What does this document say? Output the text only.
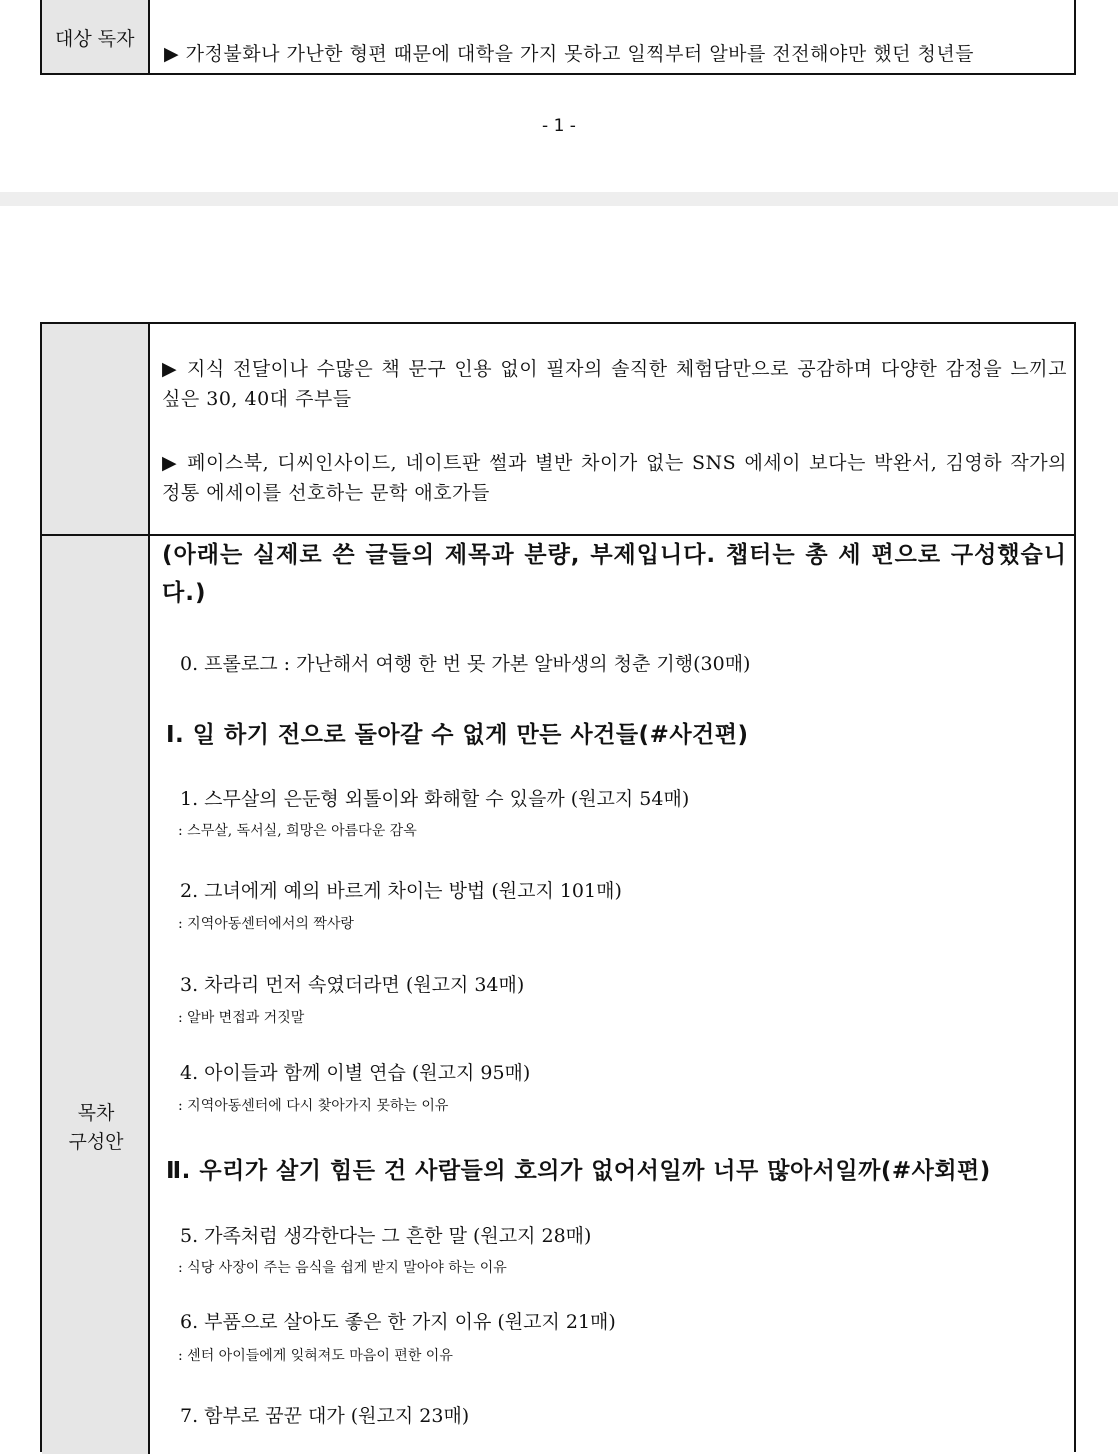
대상 독자
▶ 가정불화나 가난한 형편 때문에 대학을 가지 못하고 일찍부터 알바를 전전해야만 했던 청년들
- 1 -
목차
구성안
▶ 지식 전달이나 수많은 책 문구 인용 없이 필자의 솔직한 체험담만으로 공감하며 다양한 감정을 느끼고 싶은 30, 40대 주부들
▶ 페이스북, 디씨인사이드, 네이트판 썰과 별반 차이가 없는 SNS 에세이 보다는 박완서, 김영하 작가의 정통 에세이를 선호하는 문학 애호가들
(아래는 실제로 쓴 글들의 제목과 분량, 부제입니다. 챕터는 총 세 편으로 구성했습니다.)
0. 프롤로그 : 가난해서 여행 한 번 못 가본 알바생의 청춘 기행(30매)
Ⅰ. 일 하기 전으로 돌아갈 수 없게 만든 사건들(#사건편)
1. 스무살의 은둔형 외톨이와 화해할 수 있을까 (원고지 54매)
: 스무살, 독서실, 희망은 아름다운 감옥
2. 그녀에게 예의 바르게 차이는 방법 (원고지 101매)
: 지역아동센터에서의 짝사랑
3. 차라리 먼저 속였더라면 (원고지 34매)
: 알바 면접과 거짓말
4. 아이들과 함께 이별 연습 (원고지 95매)
: 지역아동센터에 다시 찾아가지 못하는 이유
Ⅱ. 우리가 살기 힘든 건 사람들의 호의가 없어서일까 너무 많아서일까(#사회편)
5. 가족처럼 생각한다는 그 흔한 말 (원고지 28매)
: 식당 사장이 주는 음식을 쉽게 받지 말아야 하는 이유
6. 부품으로 살아도 좋은 한 가지 이유 (원고지 21매)
: 센터 아이들에게 잊혀져도 마음이 편한 이유
7. 함부로 꿈꾼 대가 (원고지 23매)
